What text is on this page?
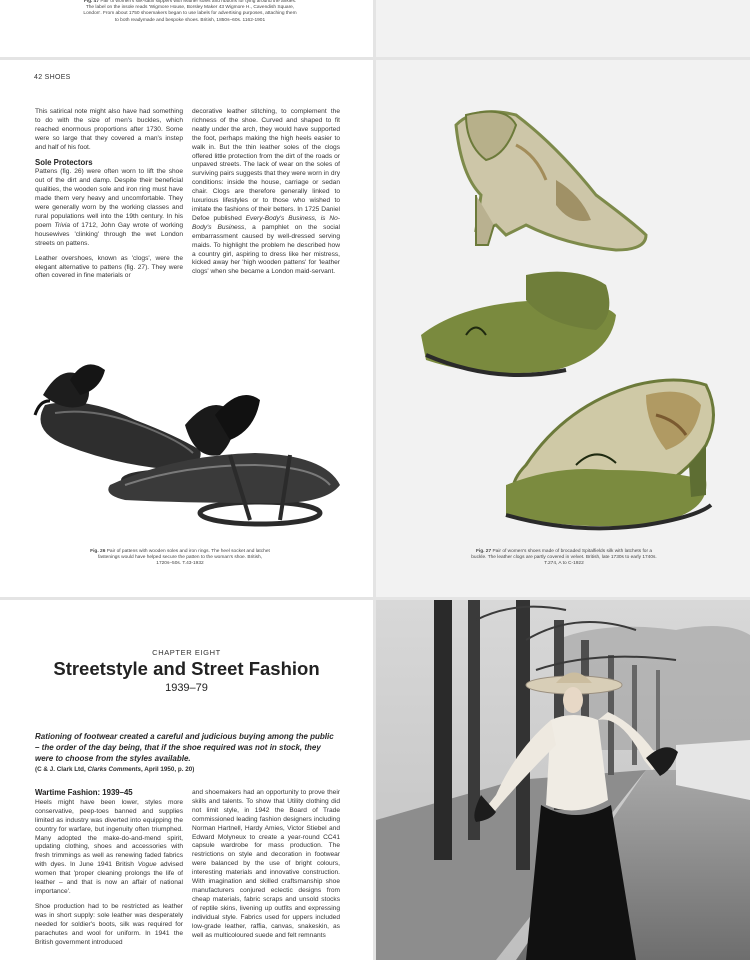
Fig. 47 Pair of women's silk-satin slippers with leather soles and ribbons for tying around the ankles.
The label on the insole reads 'Wigmore House, Borsley Maker 43 Wigmore H., Cavendish Square,
London'. From about 1750 shoemakers began to use labels for advertising purposes, attaching them
to both readymade and bespoke shoes. British, 1850s–60s. 1162-1901
42 SHOES

This satirical note might also have had something to do with the size of men's buckles, which reached enormous proportions after 1730. Some were so large that they covered a man's instep and half of his foot.

Sole Protectors

Pattens (fig. 26) were often worn to lift the shoe out of the dirt and damp. Despite their beneficial qualities, the wooden sole and iron ring must have made them very heavy and uncomfortable. They were generally worn by the working classes and rural populations well into the 19th century. In his poem Trivia of 1712, John Gay wrote of working housewives 'clinking' through the wet London streets on pattens.

Leather overshoes, known as 'clogs', were the elegant alternative to pattens (fig. 27). They were often covered in fine materials or

decorative leather stitching, to complement the richness of the shoe. Curved and shaped to fit neatly under the arch, they would have supported the foot, perhaps making the high heels easier to walk in. But the thin leather soles of the clogs offered little protection from the dirt of the roads or unpaved streets. The lack of wear on the soles of surviving pairs suggests that they were worn in dry conditions: inside the house, carriage or sedan chair. Clogs are therefore generally linked to luxurious lifestyles or to those who wished to imitate the fashions of their betters. In 1725 Daniel Defoe published Every-Body's Business, is No-Body's Business, a pamphlet on the social embarrassment caused by well-dressed serving maids. To highlight the problem he described how a country girl, aspiring to dress like her mistress, kicked away her 'high wooden pattens' for 'leather clogs' when she became a London maid-servant.

Fig. 26 Pair of pattens with wooden soles and iron rings. The heel socket and latchet fastenings would have helped secure the patten to the woman's shoe. British, 1720s–50s. T.43-1932
Fig. 27 Pair of women's shoes made of brocaded Spitalfields silk with latchets for a buckle. The leather clogs are partly covered in velvet. British, late 1730s to early 1740s. T.274, A to C-1922
CHAPTER EIGHT
Streetstyle and Street Fashion
1939–79
Rationing of footwear created a careful and judicious buying among the public – the order of the day being, that if the shoe required was not in stock, they were to choose from the styles available.
(C & J. Clark Ltd, Clarks Comments, April 1950, p. 20)
Wartime Fashion: 1939–45

Heels might have been lower, styles more conservative, peep-toes banned and supplies limited as industry was diverted into equipping the country for warfare, but ingenuity often triumphed. Many adopted the make-do-and-mend spirit, updating clothing, shoes and accessories with fresh trimmings as well as renewing faded fabrics with dyes. In June 1941 British Vogue advised women that 'proper cleaning prolongs the life of leather – and that is now an affair of national importance'.

Shoe production had to be restricted as leather was in short supply: sole leather was desperately needed for soldier's boots, silk was required for parachutes and wool for uniform. In 1941 the British government introduced

and shoemakers had an opportunity to prove their skills and talents. To show that Utility clothing did not limit style, in 1942 the Board of Trade commissioned leading fashion designers including Norman Hartnell, Hardy Amies, Victor Stiebel and Edward Molyneux to create a year-round CC41 capsule wardrobe for mass production. The restrictions on style and decoration in footwear were balanced by the use of bright colours, interesting materials and innovative construction. With imagination and skilled craftsmanship shoe manufacturers conjured eclectic designs from cheap materials, fabric scraps and unsold stocks of reptile skins, livening up outfits and expressing individual style. Fabrics used for uppers included low-grade leather, raffia, canvas, snakeskin, as well as multicoloured suede and felt remnants
